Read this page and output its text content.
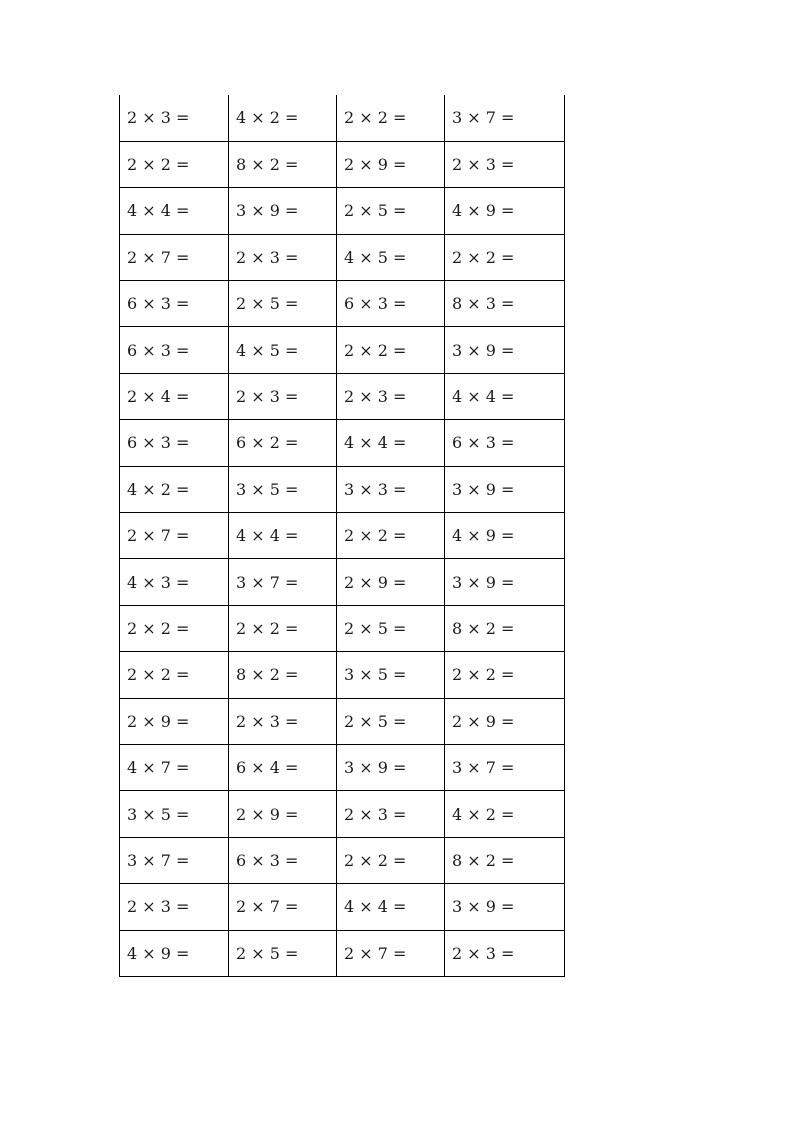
2 × 3 =	4 × 2 =	2 × 2 =	3 × 7 =
2 × 2 =	8 × 2 =	2 × 9 =	2 × 3 =
4 × 4 =	3 × 9 =	2 × 5 =	4 × 9 =
2 × 7 =	2 × 3 =	4 × 5 =	2 × 2 =
6 × 3 =	2 × 5 =	6 × 3 =	8 × 3 =
6 × 3 =	4 × 5 =	2 × 2 =	3 × 9 =
2 × 4 =	2 × 3 =	2 × 3 =	4 × 4 =
6 × 3 =	6 × 2 =	4 × 4 =	6 × 3 =
4 × 2 =	3 × 5 =	3 × 3 =	3 × 9 =
2 × 7 =	4 × 4 =	2 × 2 =	4 × 9 =
4 × 3 =	3 × 7 =	2 × 9 =	3 × 9 =
2 × 2 =	2 × 2 =	2 × 5 =	8 × 2 =
2 × 2 =	8 × 2 =	3 × 5 =	2 × 2 =
2 × 9 =	2 × 3 =	2 × 5 =	2 × 9 =
4 × 7 =	6 × 4 =	3 × 9 =	3 × 7 =
3 × 5 =	2 × 9 =	2 × 3 =	4 × 2 =
3 × 7 =	6 × 3 =	2 × 2 =	8 × 2 =
2 × 3 =	2 × 7 =	4 × 4 =	3 × 9 =
4 × 9 =	2 × 5 =	2 × 7 =	2 × 3 =
